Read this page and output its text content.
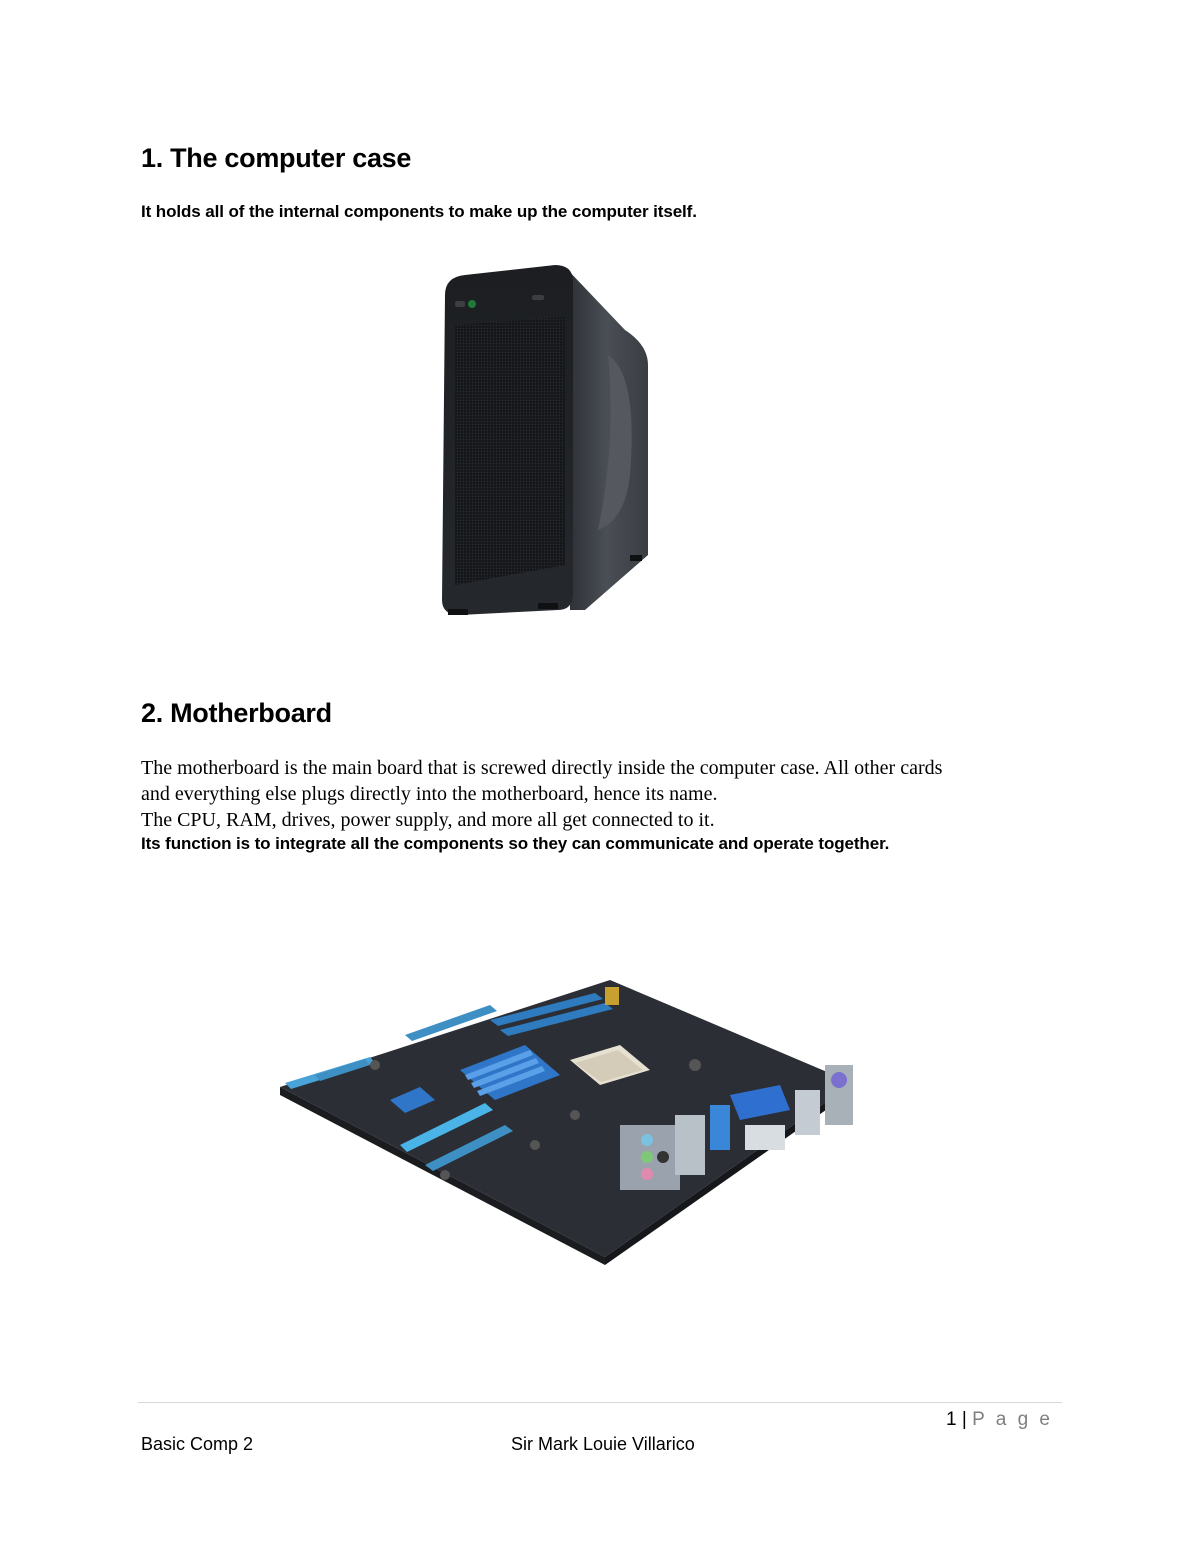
1. The computer case
It holds all of the internal components to make up the computer itself.
2. Motherboard
The motherboard is the main board that is screwed directly inside the computer case. All other cards
and everything else plugs directly into the motherboard, hence its name.
The CPU, RAM, drives, power supply, and more all get connected to it.
Its function is to integrate all the components so they can communicate and operate together.
1 | P a g e
Basic Comp 2	Sir Mark Louie Villarico
